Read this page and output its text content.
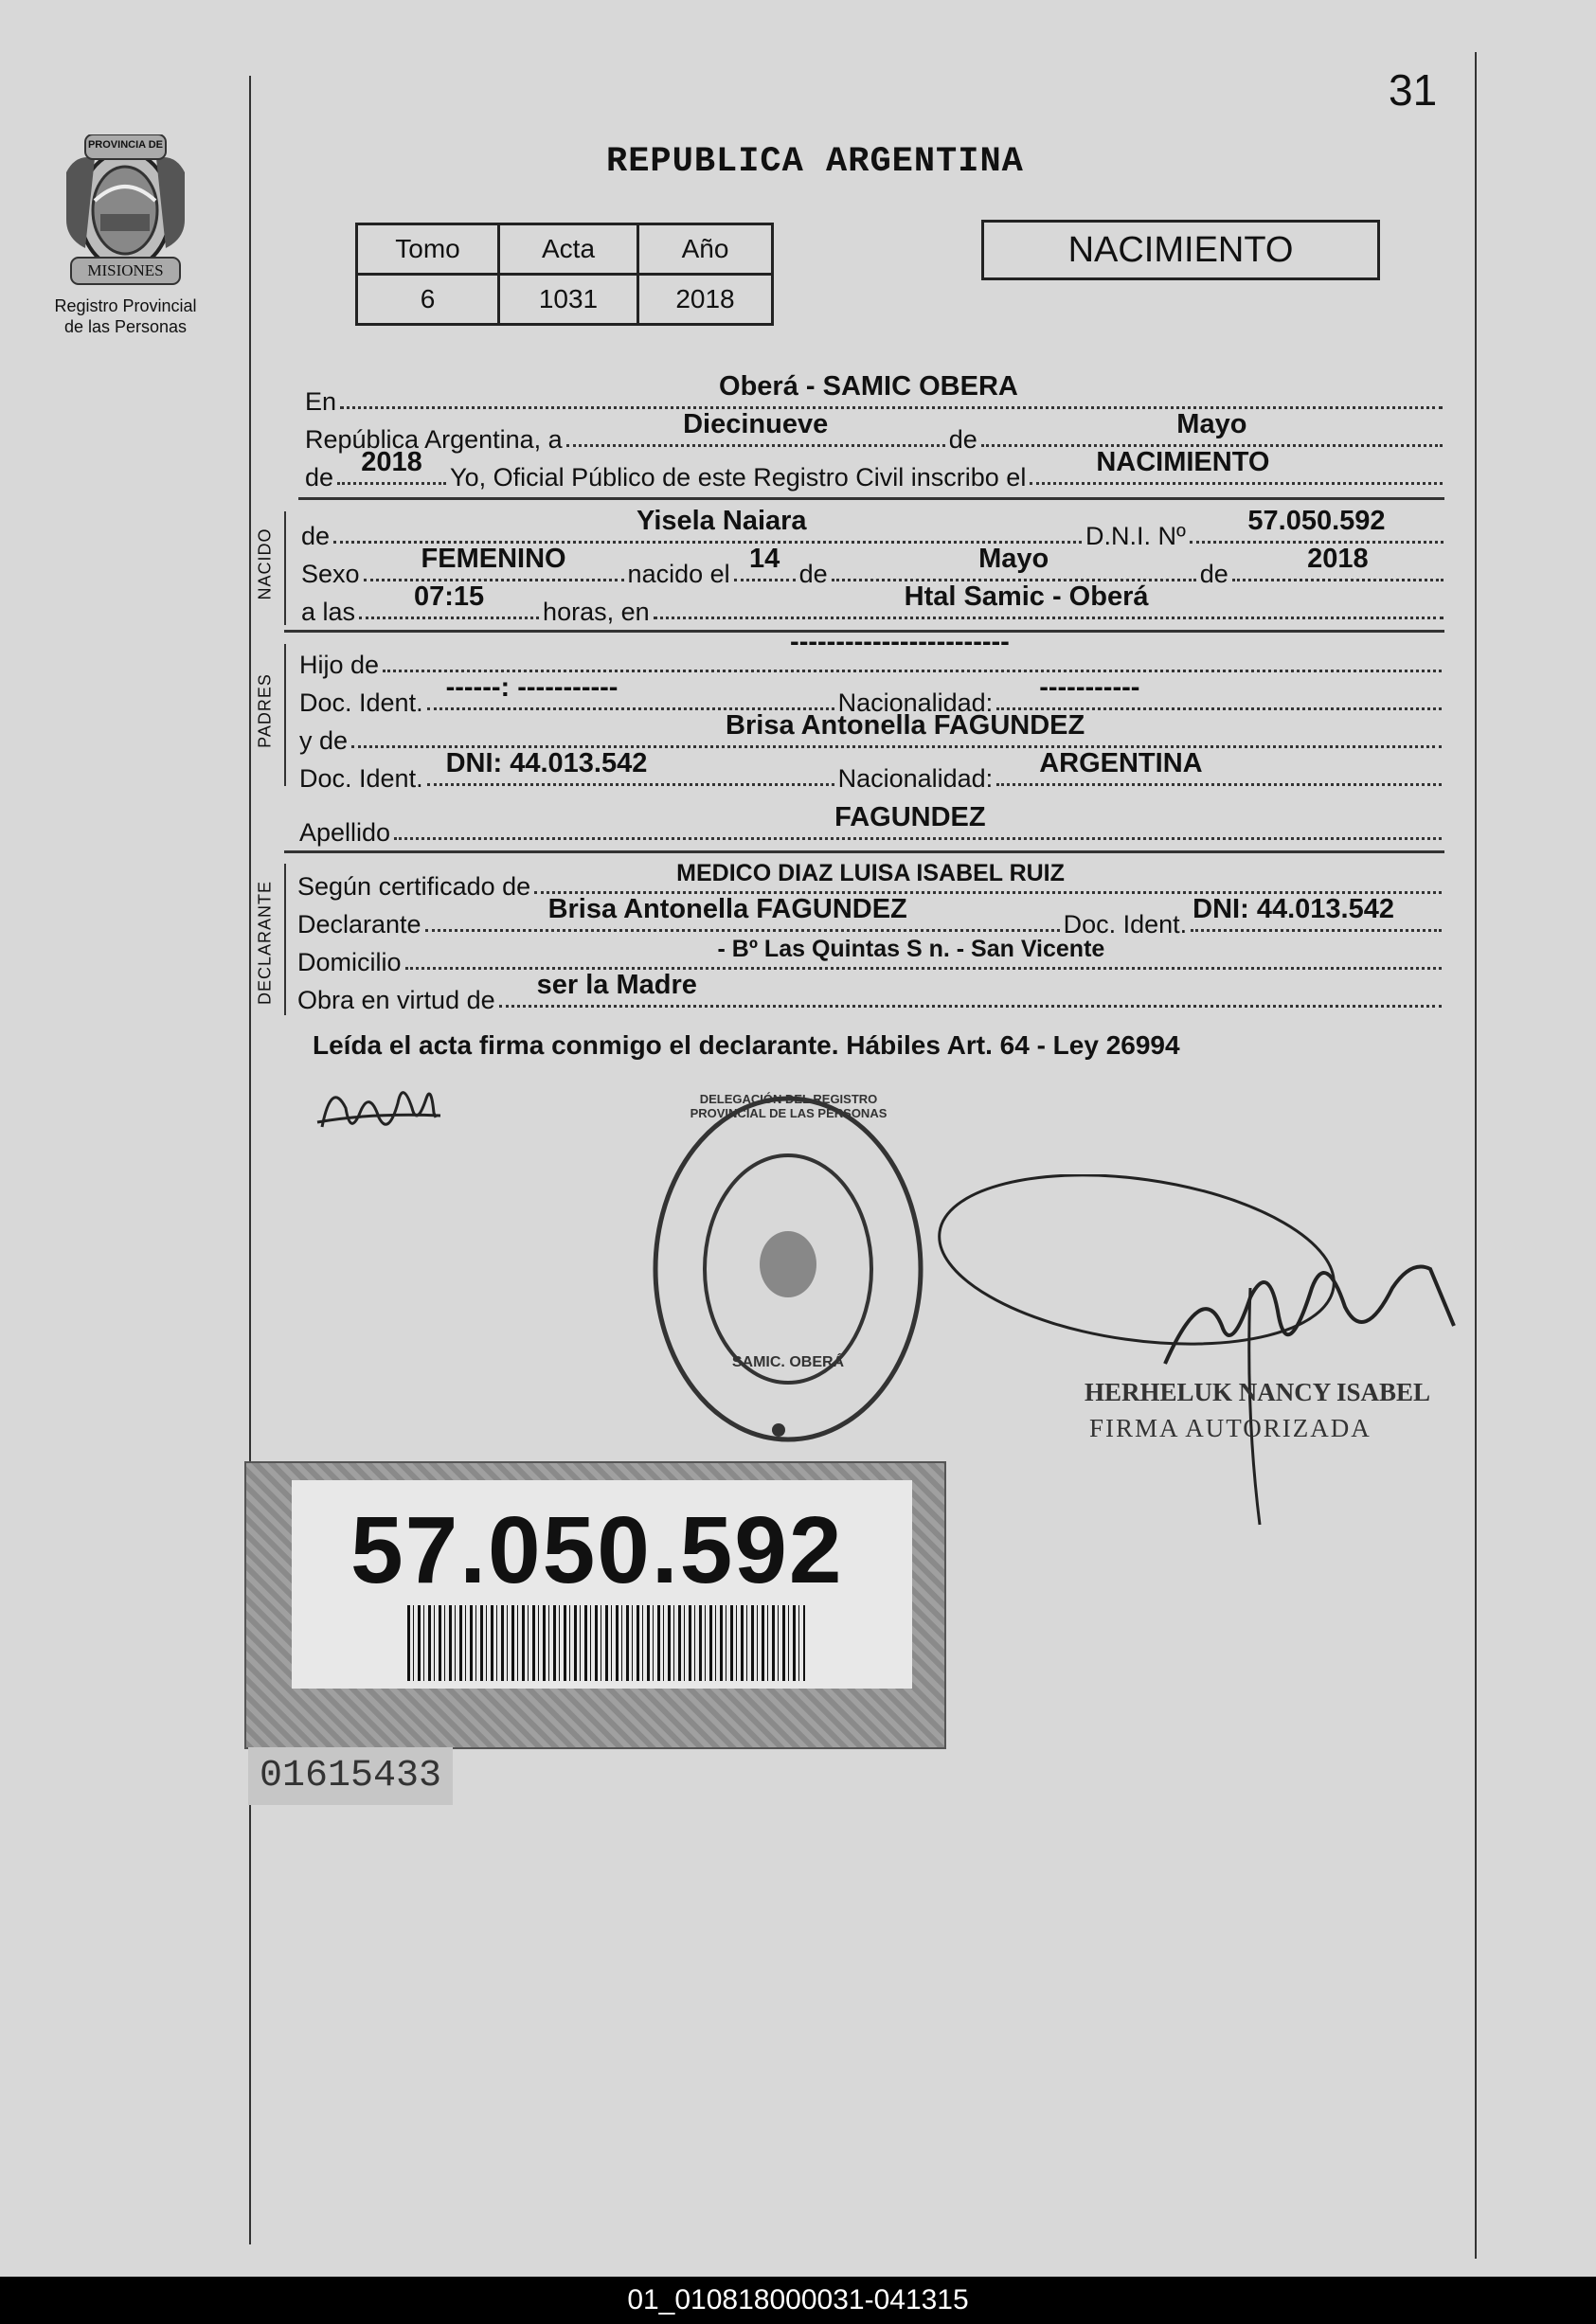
31
PROVINCIA DE
MISIONES
Registro Provincial
de las Personas
REPUBLICA ARGENTINA
Tomo	Acta	Año
6	1031	2018
NACIMIENTO
En	Oberá - SAMIC OBERA
República Argentina, a	Diecinueve	de	Mayo
de 2018 Yo, Oficial Público de este Registro Civil inscribo el	NACIMIENTO
NACIDO de	Yisela Naiara	D.N.I. Nº 57.050.592
Sexo FEMENINO nacido el 14 de	Mayo	de	2018
a las 07:15 horas, en	Htal Samic - Oberá
PADRES
Hijo de
------------------------
Doc. Ident. ------: -----------	Nacionalidad: -----------
y de	Brisa Antonella FAGUNDEZ
Doc. Ident. DNI: 44.013.542	Nacionalidad: ARGENTINA
Apellido	FAGUNDEZ
DECLARANTE Según certificado de	MEDICO DIAZ LUISA ISABEL RUIZ
Declarante	Brisa Antonella FAGUNDEZ	Doc. Ident. DNI: 44.013.542
Domicilio	- Bº Las Quintas S n. - San Vicente
Obra en virtud de ser la Madre
Leída el acta firma conmigo el declarante. Hábiles Art. 64 - Ley 26994
DELEGACIÓN DEL REGISTRO PROVINCIAL DE LAS PERSONAS
SAMIC. OBERÁ
HERHELUK NANCY ISABEL
FIRMA AUTORIZADA
57.050.592
01615433
01_010818000031-041315
